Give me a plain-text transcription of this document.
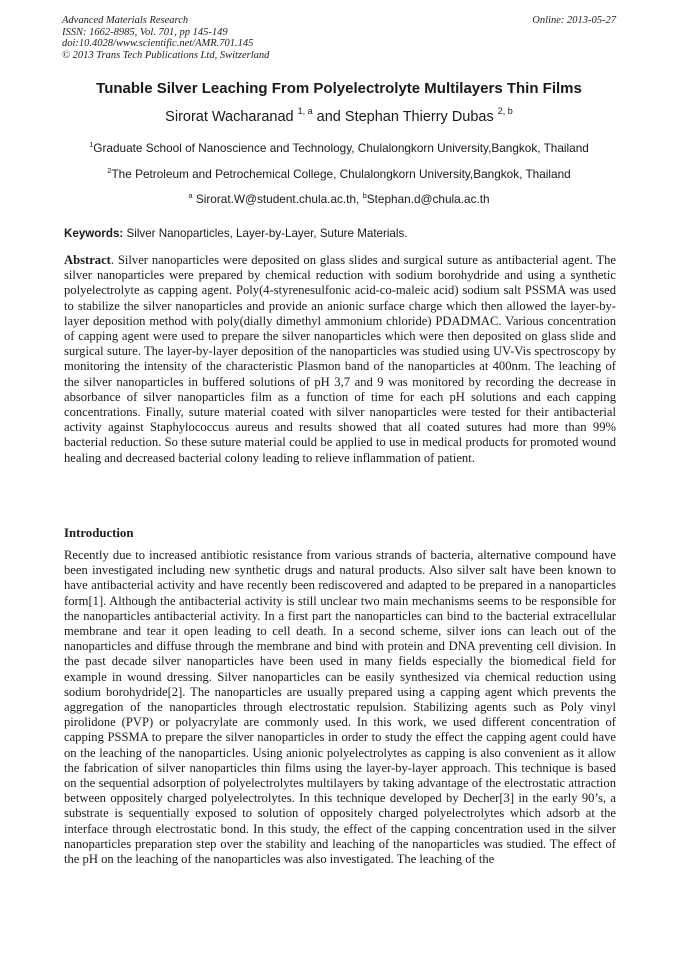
Advanced Materials Research
ISSN: 1662-8985, Vol. 701, pp 145-149
doi:10.4028/www.scientific.net/AMR.701.145
© 2013 Trans Tech Publications Ltd, Switzerland
Online: 2013-05-27
Tunable Silver Leaching From Polyelectrolyte Multilayers Thin Films
Sirorat Wacharanad $^{1, a}$ and Stephan Thierry Dubas $^{2, b}$
$^1$Graduate School of Nanoscience and Technology, Chulalongkorn University,Bangkok, Thailand
$^2$The Petroleum and Petrochemical College, Chulalongkorn University,Bangkok, Thailand
$^a$ Sirorat.W@student.chula.ac.th, $^b$Stephan.d@chula.ac.th
Keywords: Silver Nanoparticles, Layer-by-Layer, Suture Materials.
Abstract. Silver nanoparticles were deposited on glass slides and surgical suture as antibacterial agent. The silver nanoparticles were prepared by chemical reduction with sodium borohydride and using a synthetic polyelectrolyte as capping agent. Poly(4-styrenesulfonic acid-co-maleic acid) sodium salt PSSMA was used to stabilize the silver nanoparticles and provide an anionic surface charge which then allowed the layer-by-layer deposition method with poly(dially dimethyl ammonium chloride) PDADMAC. Various concentration of capping agent were used to prepare the silver nanoparticles which were then deposited on glass slide and surgical suture. The layer-by-layer deposition of the nanoparticles was studied using UV-Vis spectroscopy by monitoring the intensity of the characteristic Plasmon band of the nanoparticles at 400nm. The leaching of the silver nanoparticles in buffered solutions of pH 3,7 and 9 was monitored by recording the decrease in absorbance of silver nanoparticles film as a function of time for each pH solutions and each capping concentrations. Finally, suture material coated with silver nanoparticles were tested for their antibacterial activity against Staphylococcus aureus and results showed that all coated sutures had more than 99% bacterial reduction. So these suture material could be applied to use in medical products for promoted wound healing and decreased bacterial colony leading to relieve inflammation of patient.
Introduction
Recently due to increased antibiotic resistance from various strands of bacteria, alternative compound have been investigated including new synthetic drugs and natural products. Also silver salt have been known to have antibacterial activity and have recently been rediscovered and adapted to be prepared in a nanoparticles form[1]. Although the antibacterial activity is still unclear two main mechanisms seems to be responsible for the nanoparticles antibacterial activity. In a first part the nanoparticles can bind to the bacterial extracellular membrane and tear it open leading to cell death. In a second scheme, silver ions can leach out of the nanoparticles and diffuse through the membrane and bind with protein and DNA preventing cell division. In the past decade silver nanoparticles have been used in many fields especially the biomedical field for example in wound dressing. Silver nanoparticles can be easily synthesized via chemical reduction using sodium borohydride[2]. The nanoparticles are usually prepared using a capping agent which prevents the aggregation of the nanoparticles through electrostatic repulsion. Stabilizing agents such as Poly vinyl pirolidone (PVP) or polyacrylate are commonly used. In this work, we used different concentration of capping PSSMA to prepare the silver nanoparticles in order to study the effect the capping agent could have on the leaching of the nanoparticles. Using anionic polyelectrolytes as capping is also convenient as it allow the fabrication of silver nanoparticles thin films using the layer-by-layer approach. This technique is based on the sequential adsorption of polyelectrolytes multilayers by taking advantage of the electrostatic attraction between oppositely charged polyelectrolytes. In this technique developed by Decher[3] in the early 90’s, a substrate is sequentially exposed to solution of oppositely charged polyelectrolytes which adsorb at the interface through electrostatic bond. In this study, the effect of the capping concentration used in the silver nanoparticles preparation step over the stability and leaching of the nanoparticles was studied. The effect of the pH on the leaching of the nanoparticles was also investigated. The leaching of the
